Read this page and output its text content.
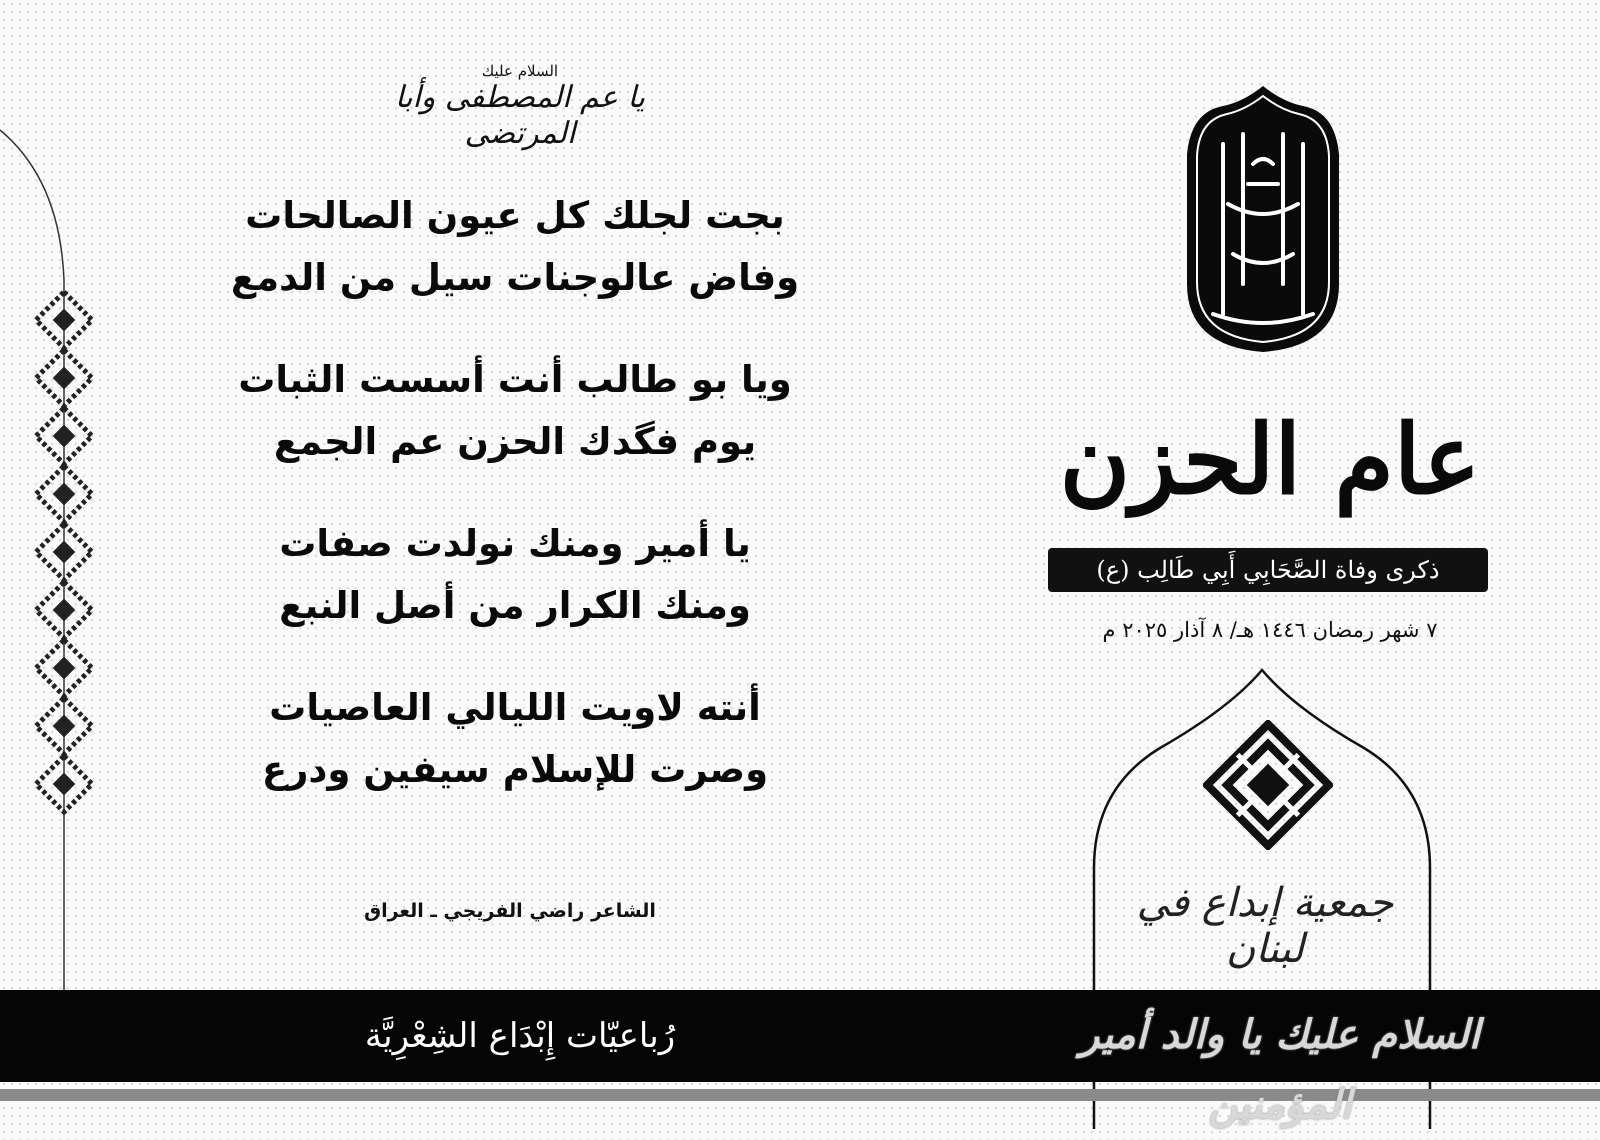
السلام عليك
يا عم المصطفى وأبا المرتضى
بجت لجلك كل عيون الصالحات
وفاض عالوجنات سيل من الدمع
ويا بو طالب أنت أسست الثبات
يوم فگدك الحزن عم الجمع
يا أمير ومنك نولدت صفات
ومنك الكرار من أصل النبع
أنته لاويت الليالي العاصيات
وصرت للإسلام سيفين ودرع
الشاعر راضي الفريجي ـ العراق
عام الحزن
ذكرى وفاة الصَّحَابِي أَبِي طَالِب (ع)
٧ شهر رمضان ١٤٤٦ هـ/ ٨ آذار ٢٠٢٥ م
جمعية إبداع في لبنان
رُباعيّات إِبْدَاع الشِعْرِيَّة	السلام عليك يا والد أمير المؤمنين
